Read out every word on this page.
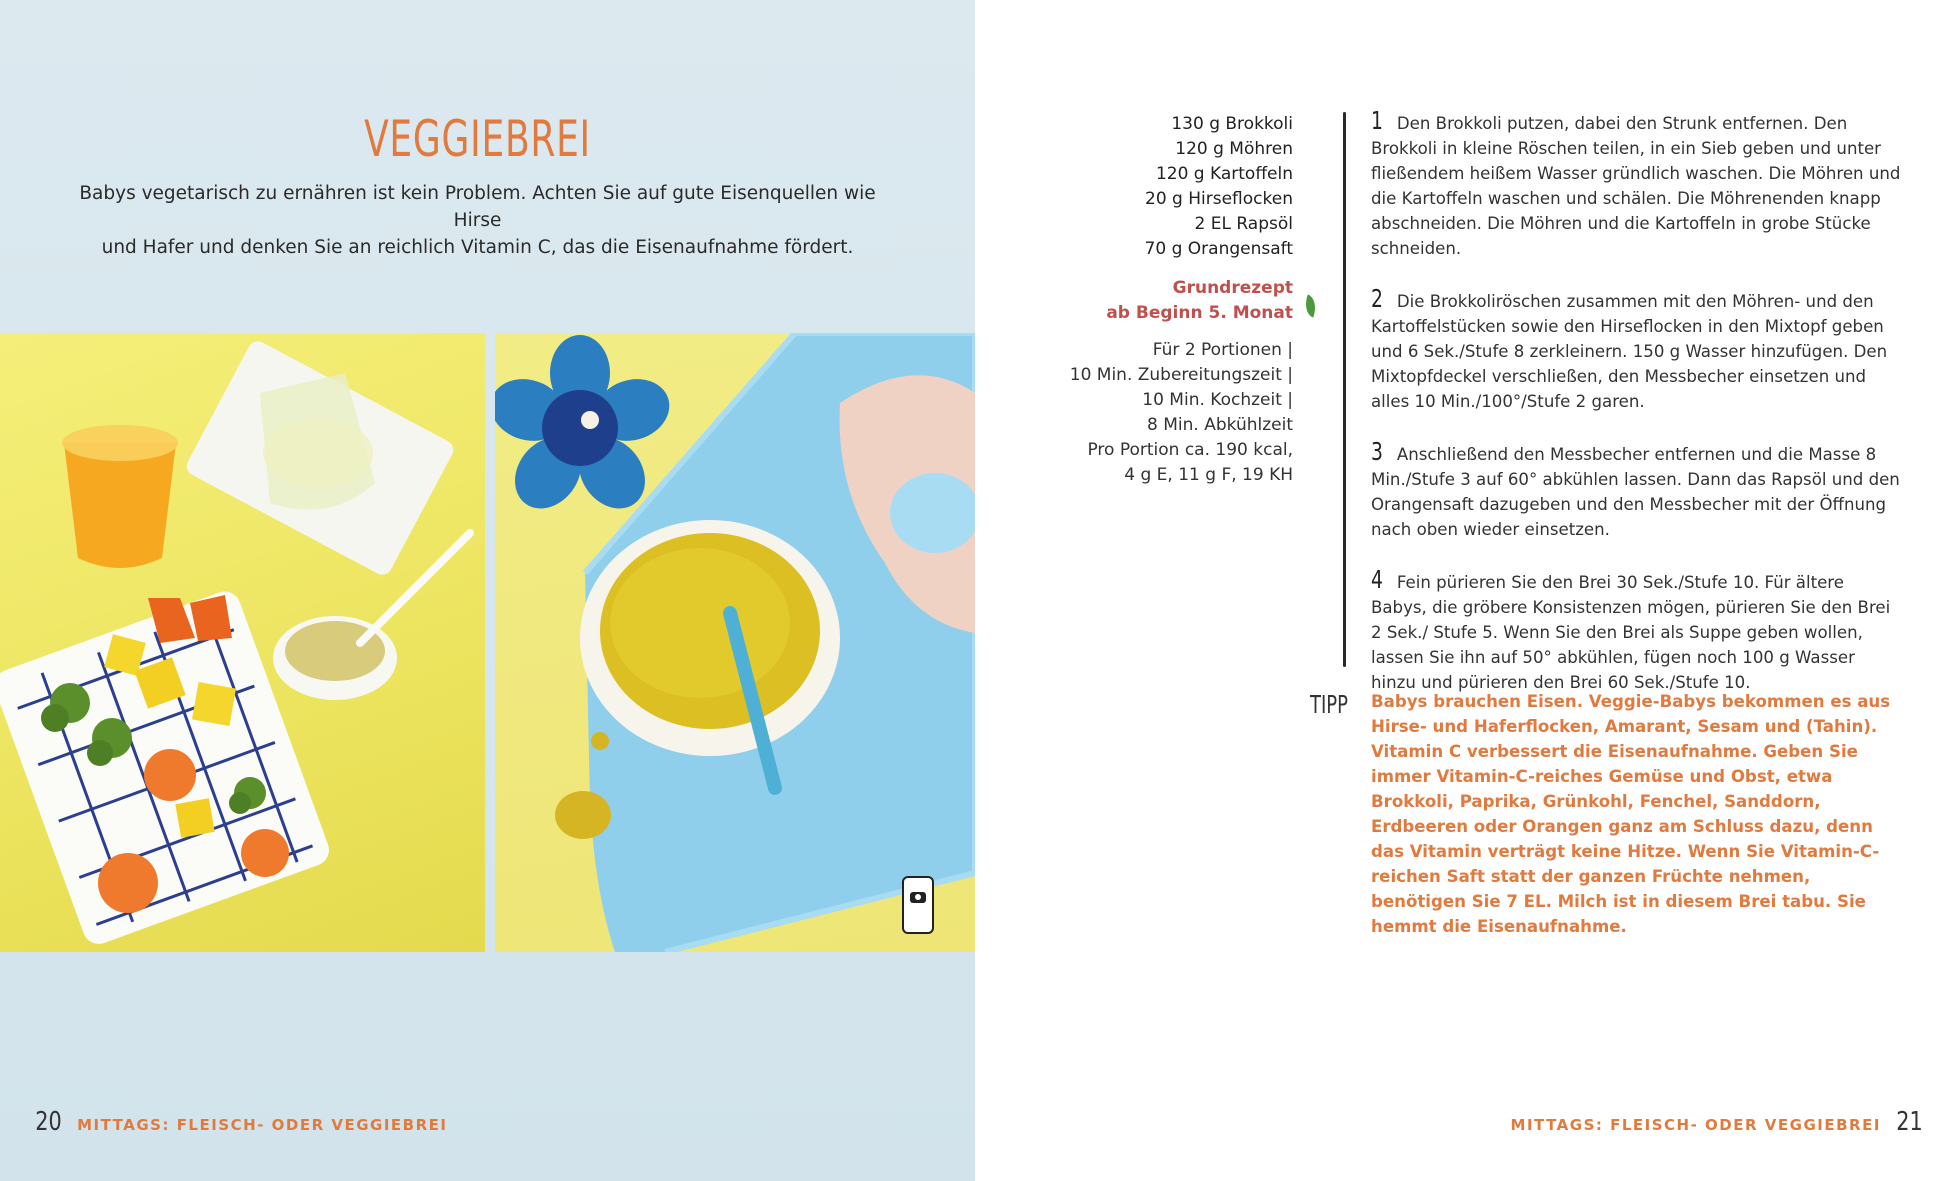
VEGGIEBREI
Babys vegetarisch zu ernähren ist kein Problem. Achten Sie auf gute Eisenquellen wie Hirse
und Hafer und denken Sie an reichlich Vitamin C, das die Eisenaufnahme fördert.
20 MITTAGS: FLEISCH- ODER VEGGIEBREI
130 g Brokkoli
120 g Möhren
120 g Kartoffeln
20 g Hirseflocken
2 EL Rapsöl
70 g Orangensaft
Grundrezept
ab Beginn 5. Monat
Für 2 Portionen |
10 Min. Zubereitungszeit |
10 Min. Kochzeit |
8 Min. Abkühlzeit
Pro Portion ca. 190 kcal,
4 g E, 11 g F, 19 KH
1 Den Brokkoli putzen, dabei den Strunk entfernen. Den Brokkoli in kleine Röschen teilen, in ein Sieb geben und unter fließendem heißem Wasser gründlich waschen. Die Möhren und die Kartoffeln waschen und schälen. Die Möhrenenden knapp abschneiden. Die Möhren und die Kartoffeln in grobe Stücke schneiden.
2 Die Brokkoliröschen zusammen mit den Möhren- und den Kartoffelstücken sowie den Hirseflocken in den Mixtopf geben und 6 Sek./Stufe 8 zerkleinern. 150 g Wasser hinzufügen. Den Mixtopfdeckel verschließen, den Messbecher einsetzen und alles 10 Min./100°/Stufe 2 garen.
3 Anschließend den Messbecher entfernen und die Masse 8 Min./Stufe 3 auf 60° abkühlen lassen. Dann das Rapsöl und den Orangensaft dazugeben und den Messbecher mit der Öffnung nach oben wieder einsetzen.
4 Fein pürieren Sie den Brei 30 Sek./Stufe 10. Für ältere Babys, die gröbere Konsistenzen mögen, pürieren Sie den Brei 2 Sek./ Stufe 5. Wenn Sie den Brei als Suppe geben wollen, lassen Sie ihn auf 50° abkühlen, fügen noch 100 g Wasser hinzu und pürieren den Brei 60 Sek./Stufe 10.
TIPP Babys brauchen Eisen. Veggie-Babys bekommen es aus Hirse- und Haferflocken, Amarant, Sesam und (Tahin). Vitamin C verbessert die Eisenaufnahme. Geben Sie immer Vitamin-C-reiches Gemüse und Obst, etwa Brokkoli, Paprika, Grünkohl, Fenchel, Sanddorn, Erdbeeren oder Orangen ganz am Schluss dazu, denn das Vitamin verträgt keine Hitze. Wenn Sie Vitamin-C-reichen Saft statt der ganzen Früchte nehmen, benötigen Sie 7 EL. Milch ist in diesem Brei tabu. Sie hemmt die Eisenaufnahme.
MITTAGS: FLEISCH- ODER VEGGIEBREI 21
